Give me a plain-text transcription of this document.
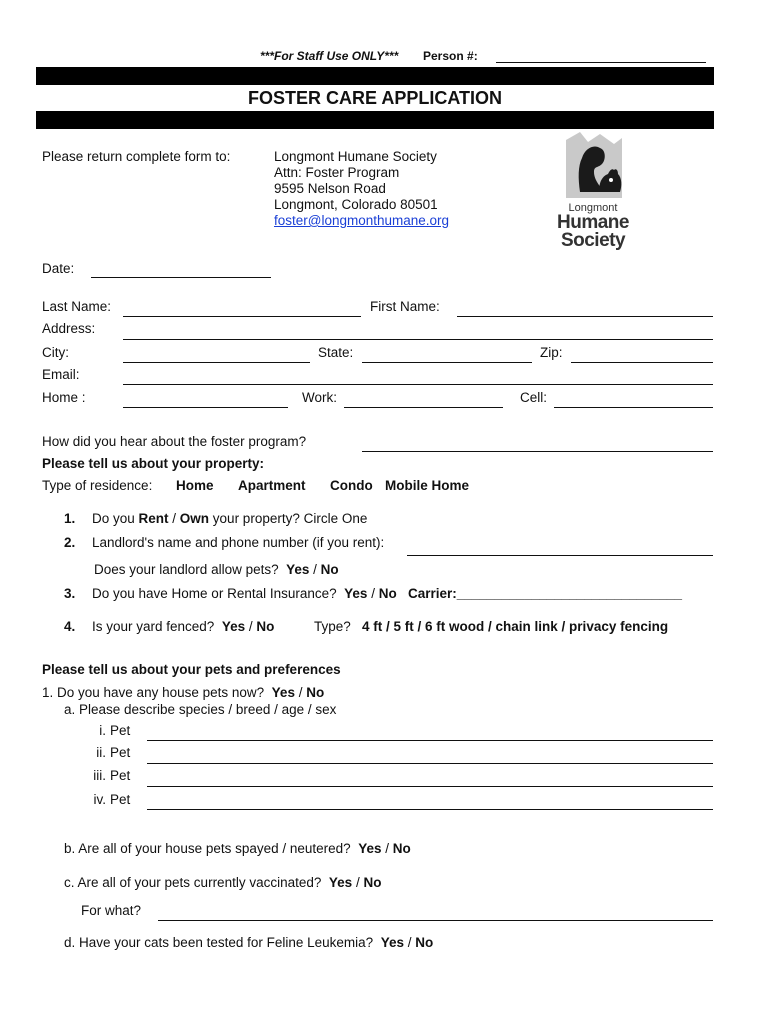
***For Staff Use ONLY*** Person #:
FOSTER CARE APPLICATION
Please return complete form to:	Longmont Humane Society
Attn: Foster Program
9595 Nelson Road
Longmont, Colorado 80501
foster@longmonthumane.org
Longmont
Humane
Society
Date:
Last Name:	First Name:
Address:
City:	State:	Zip:
Email:
Home :	Work:	Cell:
How did you hear about the foster program?
Please tell us about your property:
Type of residence: Home Apartment Condo Mobile Home
1. Do you Rent / Own your property? Circle One
2. Landlord's name and phone number (if you rent):
Does your landlord allow pets? Yes / No
3. Do you have Home or Rental Insurance? Yes / No Carrier:______________________________
4. Is your yard fenced? Yes / No	Type? 4 ft / 5 ft / 6 ft wood / chain link / privacy fencing
Please tell us about your pets and preferences
1. Do you have any house pets now? Yes / No
a. Please describe species / breed / age / sex
i. Pet
ii. Pet
iii. Pet
iv. Pet
b. Are all of your house pets spayed / neutered? Yes / No
c. Are all of your pets currently vaccinated? Yes / No
For what?
d. Have your cats been tested for Feline Leukemia? Yes / No
